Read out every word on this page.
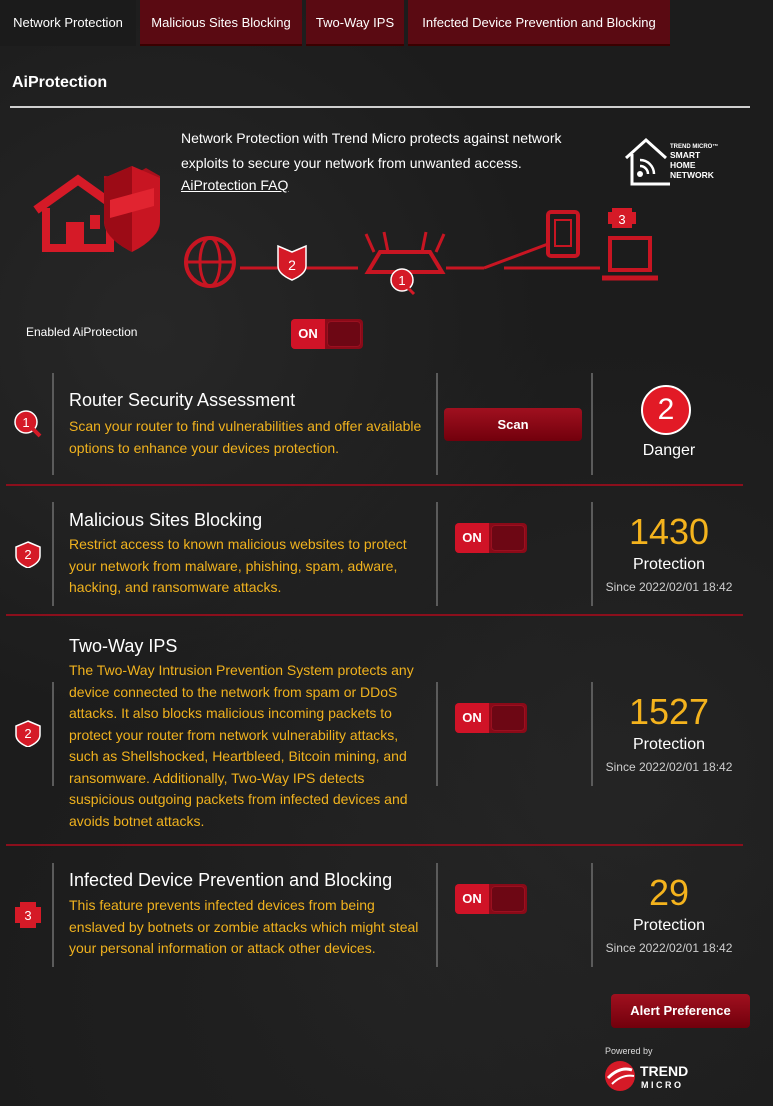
Network Protection	Malicious Sites Blocking	Two-Way IPS	Infected Device Prevention and Blocking
AiProtection
Network Protection with Trend Micro protects against network exploits to secure your network from unwanted access.
AiProtection FAQ
TREND MICRO™
SMART
HOME
NETWORK
2
1
3
Enabled AiProtection	ON
1
Router Security Assessment
Scan your router to find vulnerabilities and offer available options to enhance your devices protection.
Scan	2
Danger
2
Malicious Sites Blocking
Restrict access to known malicious websites to protect your network from malware, phishing, spam, adware, hacking, and ransomware attacks.
ON	1430
Protection
Since 2022/02/01 18:42
2
Two-Way IPS
The Two-Way Intrusion Prevention System protects any device connected to the network from spam or DDoS attacks. It also blocks malicious incoming packets to protect your router from network vulnerability attacks, such as Shellshocked, Heartbleed, Bitcoin mining, and ransomware. Additionally, Two-Way IPS detects suspicious outgoing packets from infected devices and avoids botnet attacks.
ON	1527
Protection
Since 2022/02/01 18:42
3
Infected Device Prevention and Blocking
This feature prevents infected devices from being enslaved by botnets or zombie attacks which might steal your personal information or attack other devices.
ON	29
Protection
Since 2022/02/01 18:42
Alert Preference
Powered by
TREND
MICRO
